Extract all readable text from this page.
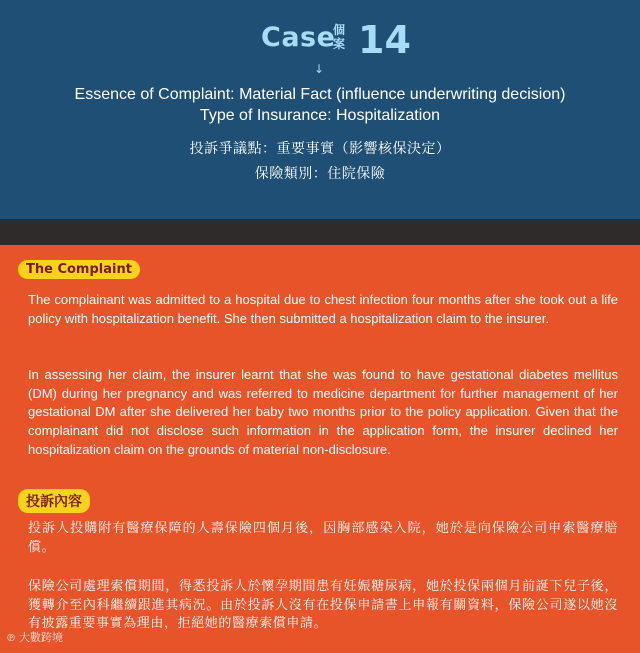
Case
個案 14
↓
Essence of Complaint: Material Fact (influence underwriting decision)
Type of Insurance: Hospitalization
投訴爭議點：重要事實（影響核保決定）
保險類別：住院保險
The Complaint

The complainant was admitted to a hospital due to chest infection four months after she took out a life policy with hospitalization benefit. She then submitted a hospitalization claim to the insurer.

In assessing her claim, the insurer learnt that she was found to have gestational diabetes mellitus (DM) during her pregnancy and was referred to medicine department for further management of her gestational DM after she delivered her baby two months prior to the policy application. Given that the complainant did not disclose such information in the application form, the insurer declined her hospitalization claim on the grounds of material non-disclosure.

投訴內容

投訴人投購附有醫療保障的人壽保險四個月後，因胸部感染入院，她於是向保險公司申索醫療賠償。

保險公司處理索償期間，得悉投訴人於懷孕期間患有妊娠糖尿病，她於投保兩個月前誕下兒子後，獲轉介至內科繼續跟進其病況。由於投訴人沒有在投保申請書上申報有關資料，保險公司遂以她沒有披露重要事實為理由，拒絕她的醫療索償申請。

℗ 大數跨境
